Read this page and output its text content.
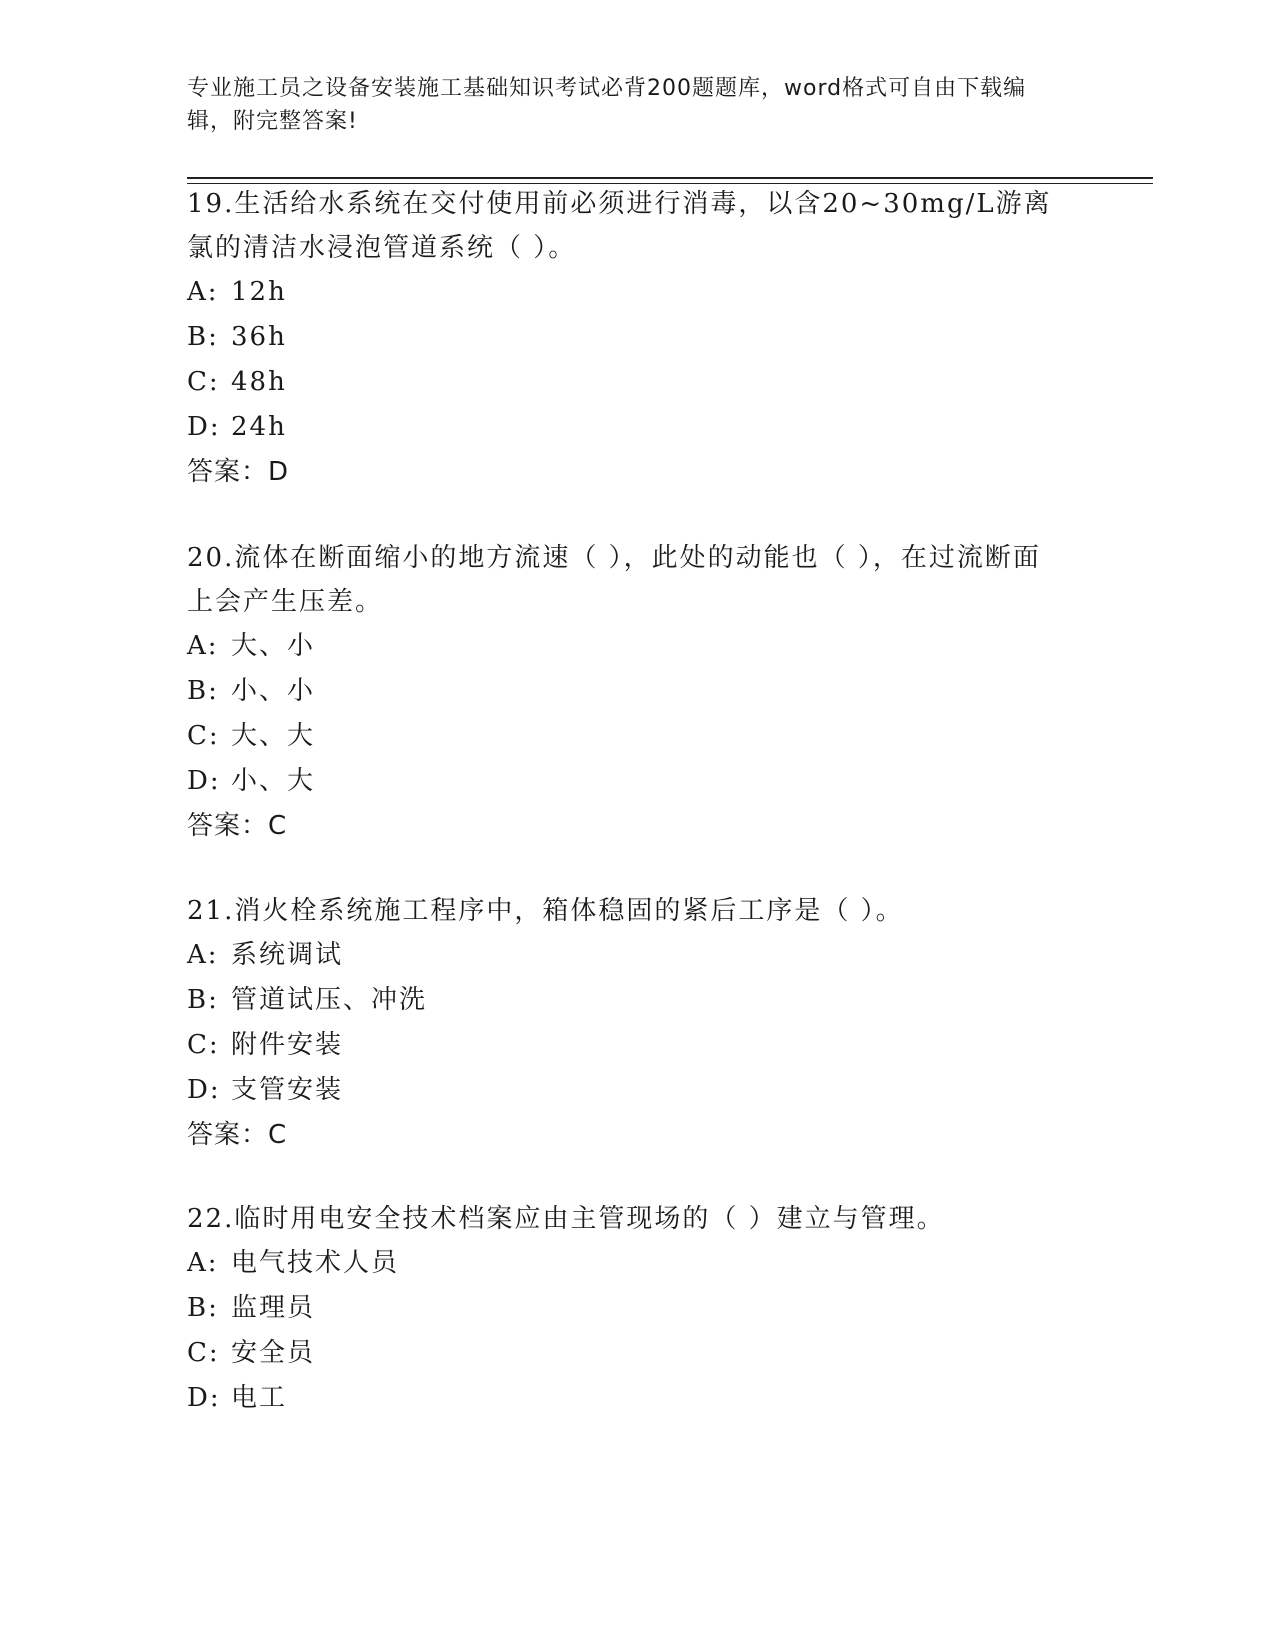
专业施工员之设备安装施工基础知识考试必背200题题库，word格式可自由下载编辑，附完整答案!
19.生活给水系统在交付使用前必须进行消毒，以含20~30mg/L游离氯的清洁水浸泡管道系统（ ）。
A: 12h
B: 36h
C: 48h
D: 24h
答案：D
20.流体在断面缩小的地方流速（ ），此处的动能也（ ），在过流断面上会产生压差。
A: 大、小
B: 小、小
C: 大、大
D: 小、大
答案：C
21.消火栓系统施工程序中，箱体稳固的紧后工序是（ ）。
A: 系统调试
B: 管道试压、冲洗
C: 附件安装
D: 支管安装
答案：C
22.临时用电安全技术档案应由主管现场的（ ）建立与管理。
A: 电气技术人员
B: 监理员
C: 安全员
D: 电工
